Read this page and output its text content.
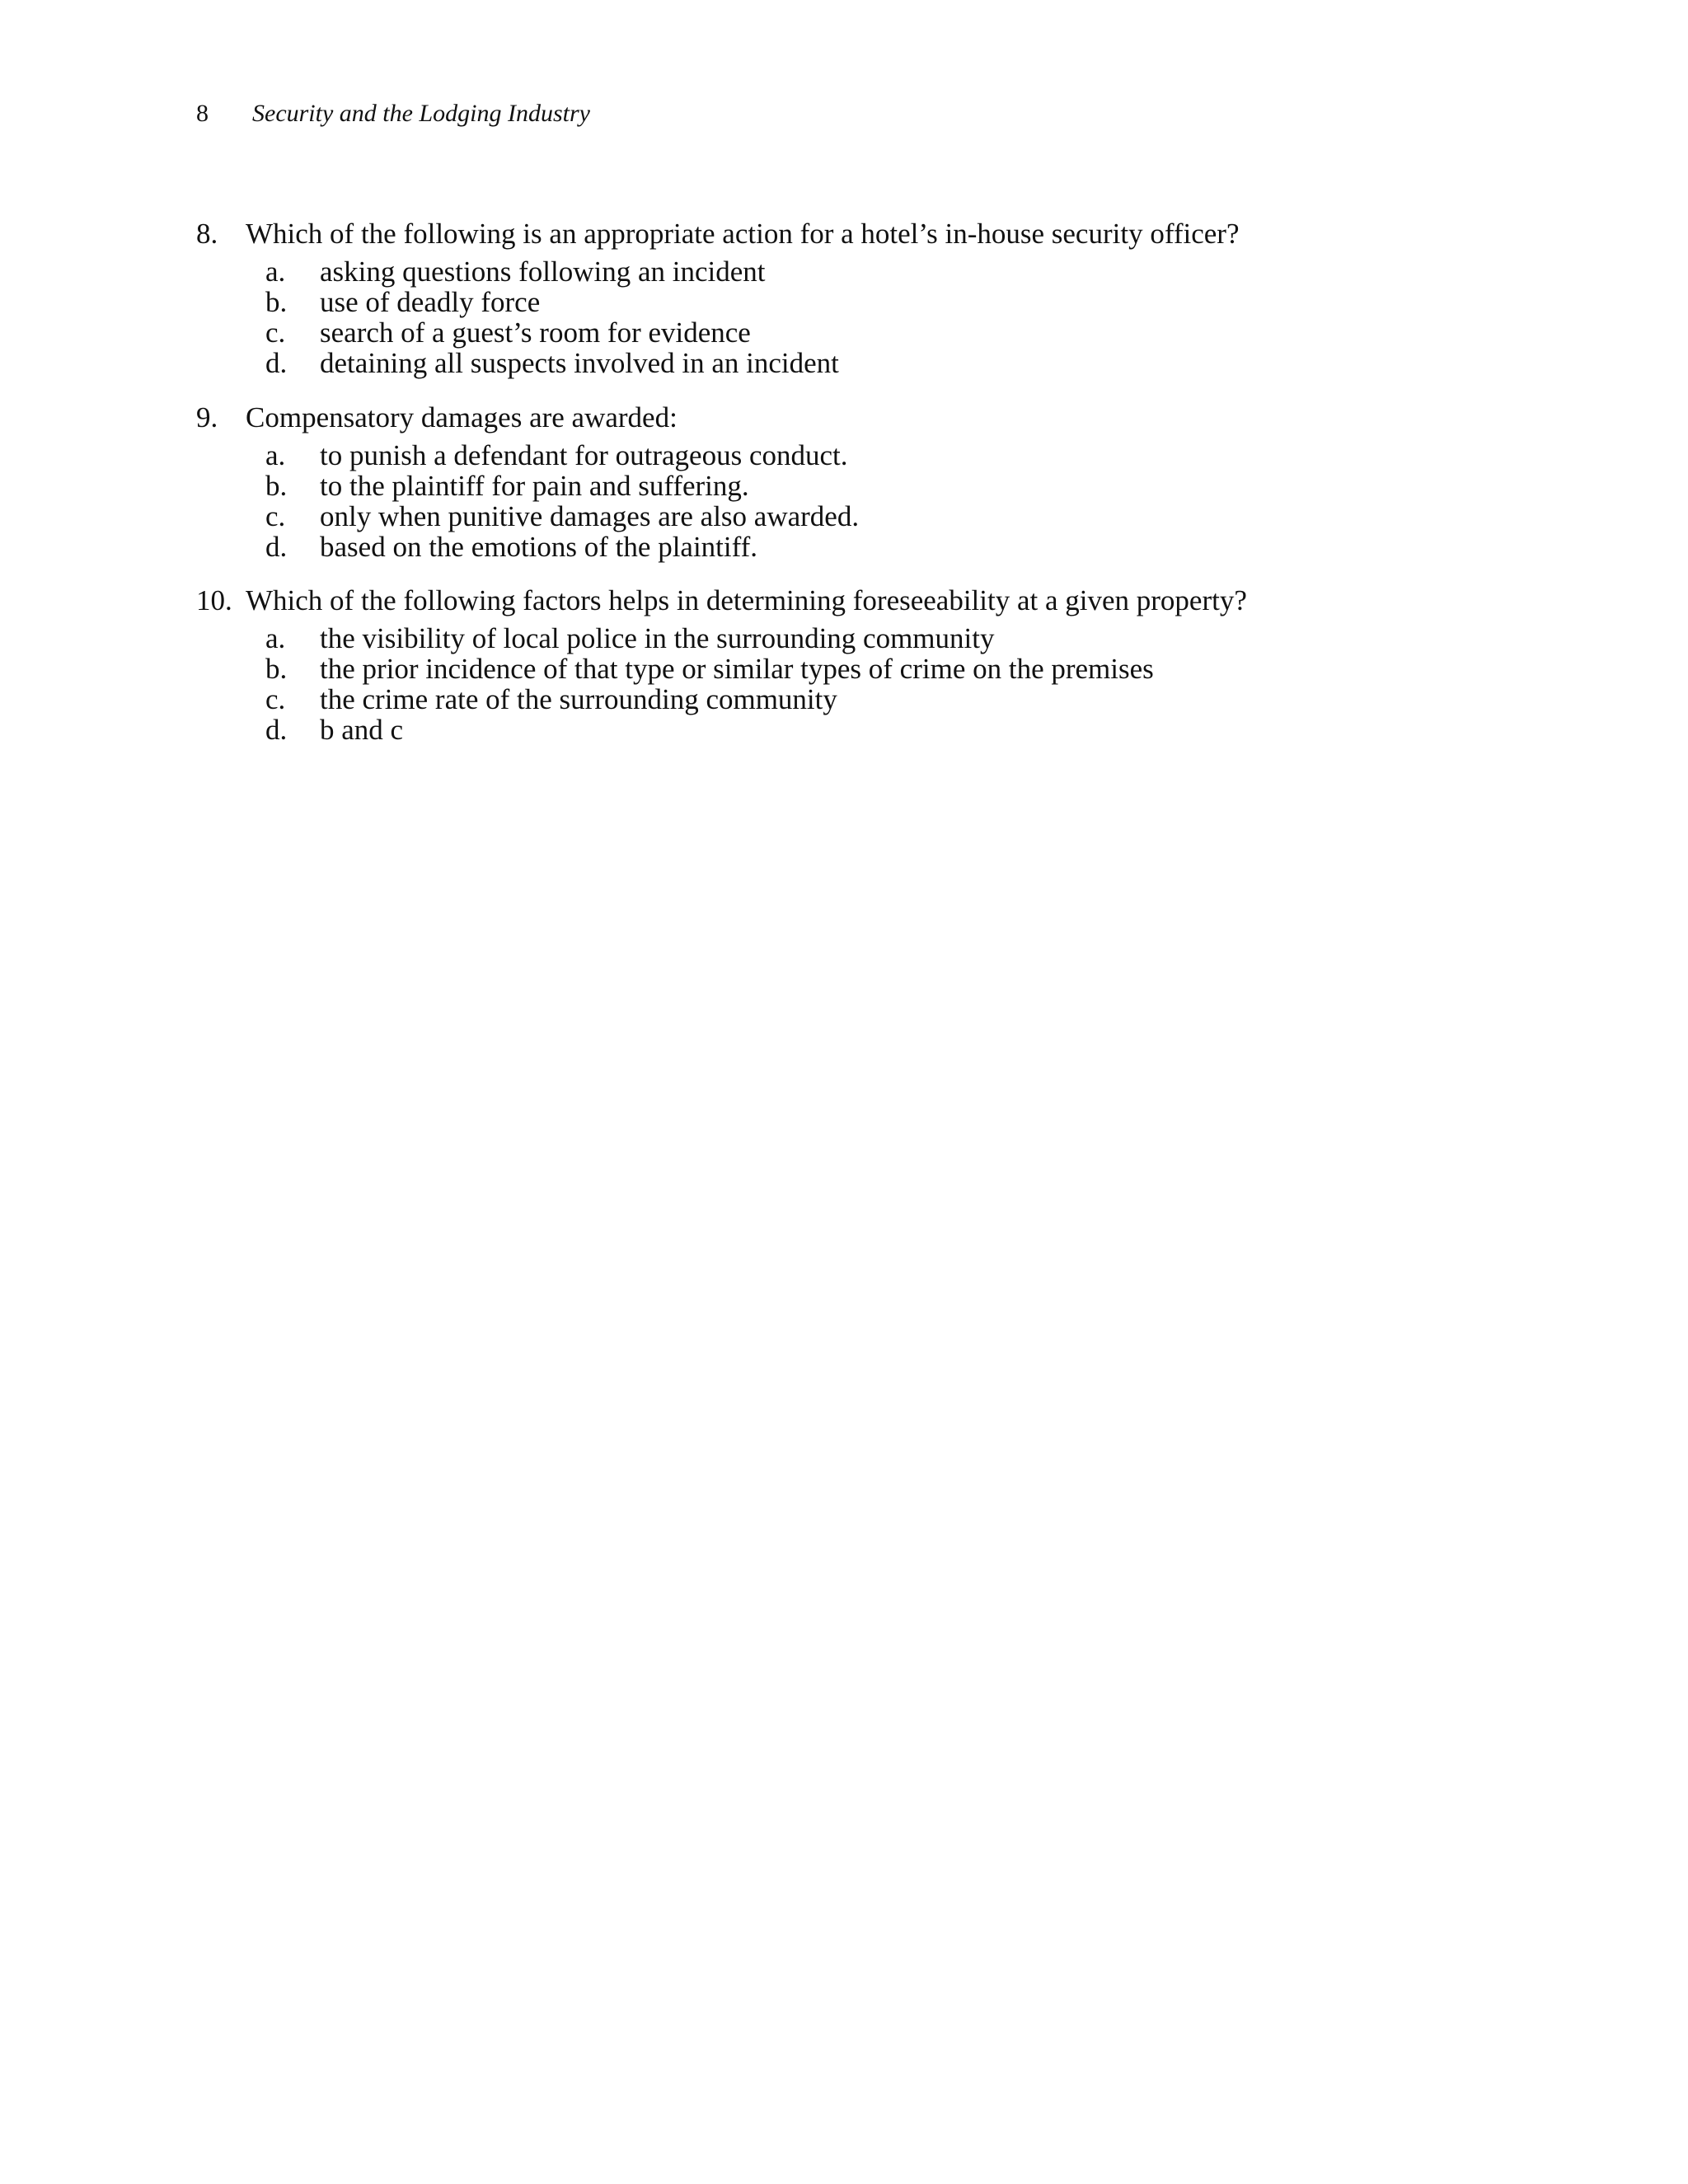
8 Security and the Lodging Industry
8. Which of the following is an appropriate action for a hotel’s in-house security officer?
a. asking questions following an incident
b. use of deadly force
c. search of a guest’s room for evidence
d. detaining all suspects involved in an incident
9. Compensatory damages are awarded:
a. to punish a defendant for outrageous conduct.
b. to the plaintiff for pain and suffering.
c. only when punitive damages are also awarded.
d. based on the emotions of the plaintiff.
10. Which of the following factors helps in determining foreseeability at a given property?
a. the visibility of local police in the surrounding community
b. the prior incidence of that type or similar types of crime on the premises
c. the crime rate of the surrounding community
d. b and c
